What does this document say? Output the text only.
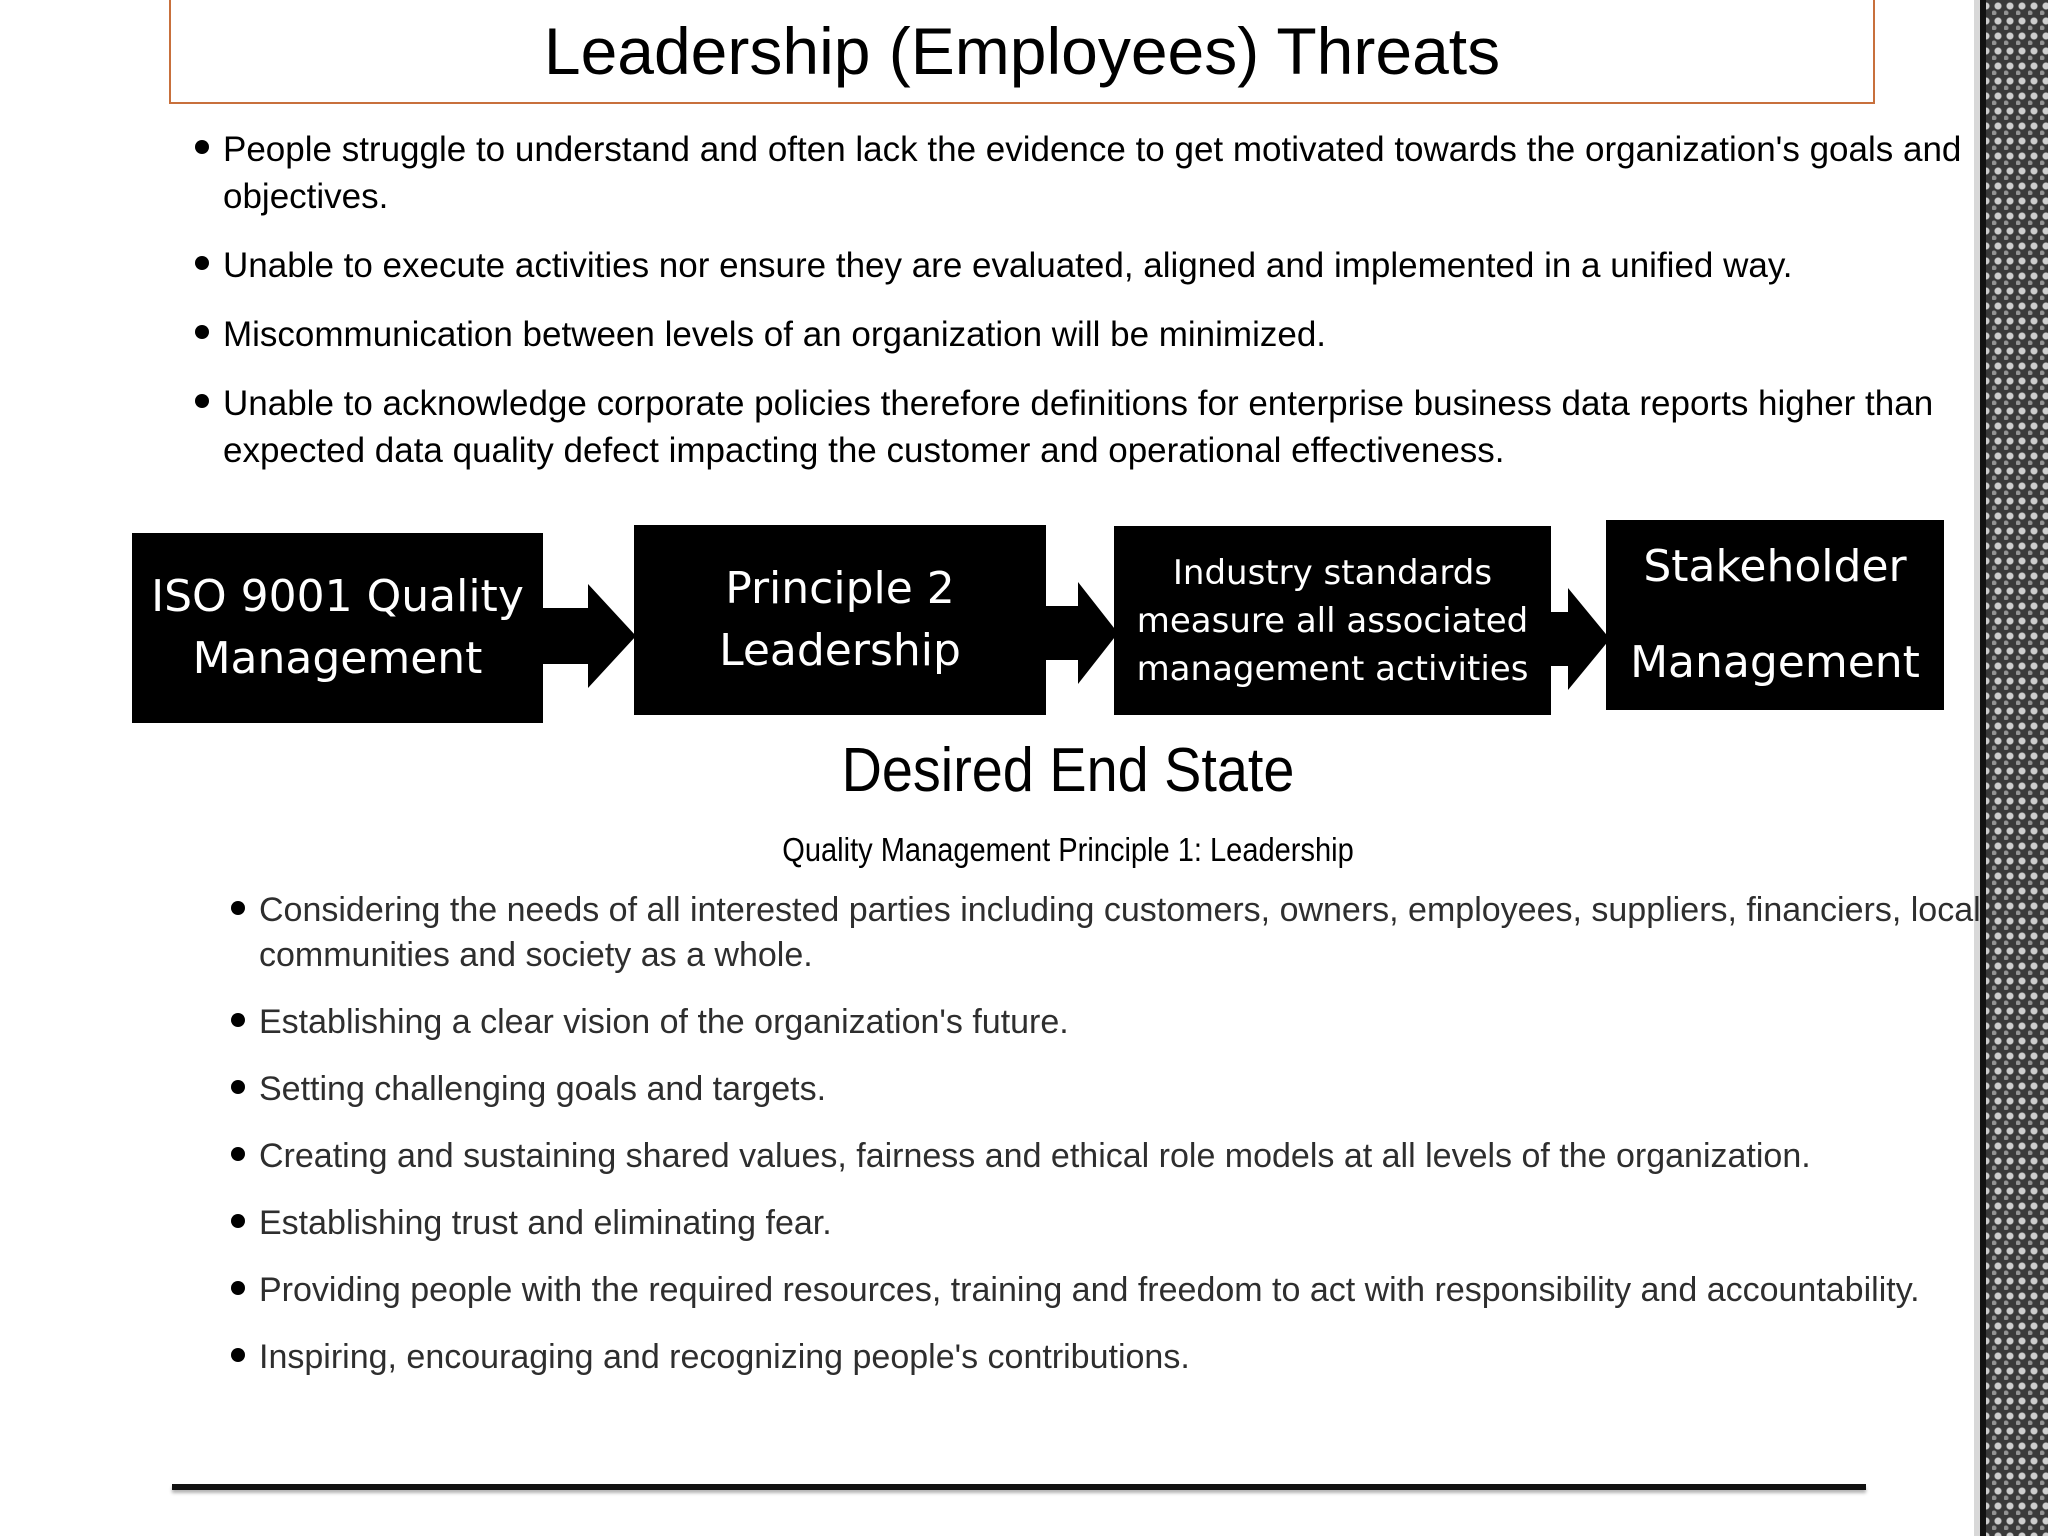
Leadership (Employees) Threats
People struggle to understand and often lack the evidence to get motivated towards the organization's goals and objectives.
Unable to execute activities nor ensure they are evaluated, aligned and implemented in a unified way.
Miscommunication between levels of an organization will be minimized.
Unable to acknowledge corporate policies therefore definitions for enterprise business data reports higher than expected data quality defect impacting the customer and operational effectiveness.
ISO 9001 Quality
Management
Principle 2
Leadership
Industry standards
measure all associated
management activities
Stakeholder

Management
Desired End State
Quality Management Principle 1: Leadership
Considering the needs of all interested parties including customers, owners, employees, suppliers, financiers, local communities and society as a whole.
Establishing a clear vision of the organization's future.
Setting challenging goals and targets.
Creating and sustaining shared values, fairness and ethical role models at all levels of the organization.
Establishing trust and eliminating fear.
Providing people with the required resources, training and freedom to act with responsibility and accountability.
Inspiring, encouraging and recognizing people's contributions.
